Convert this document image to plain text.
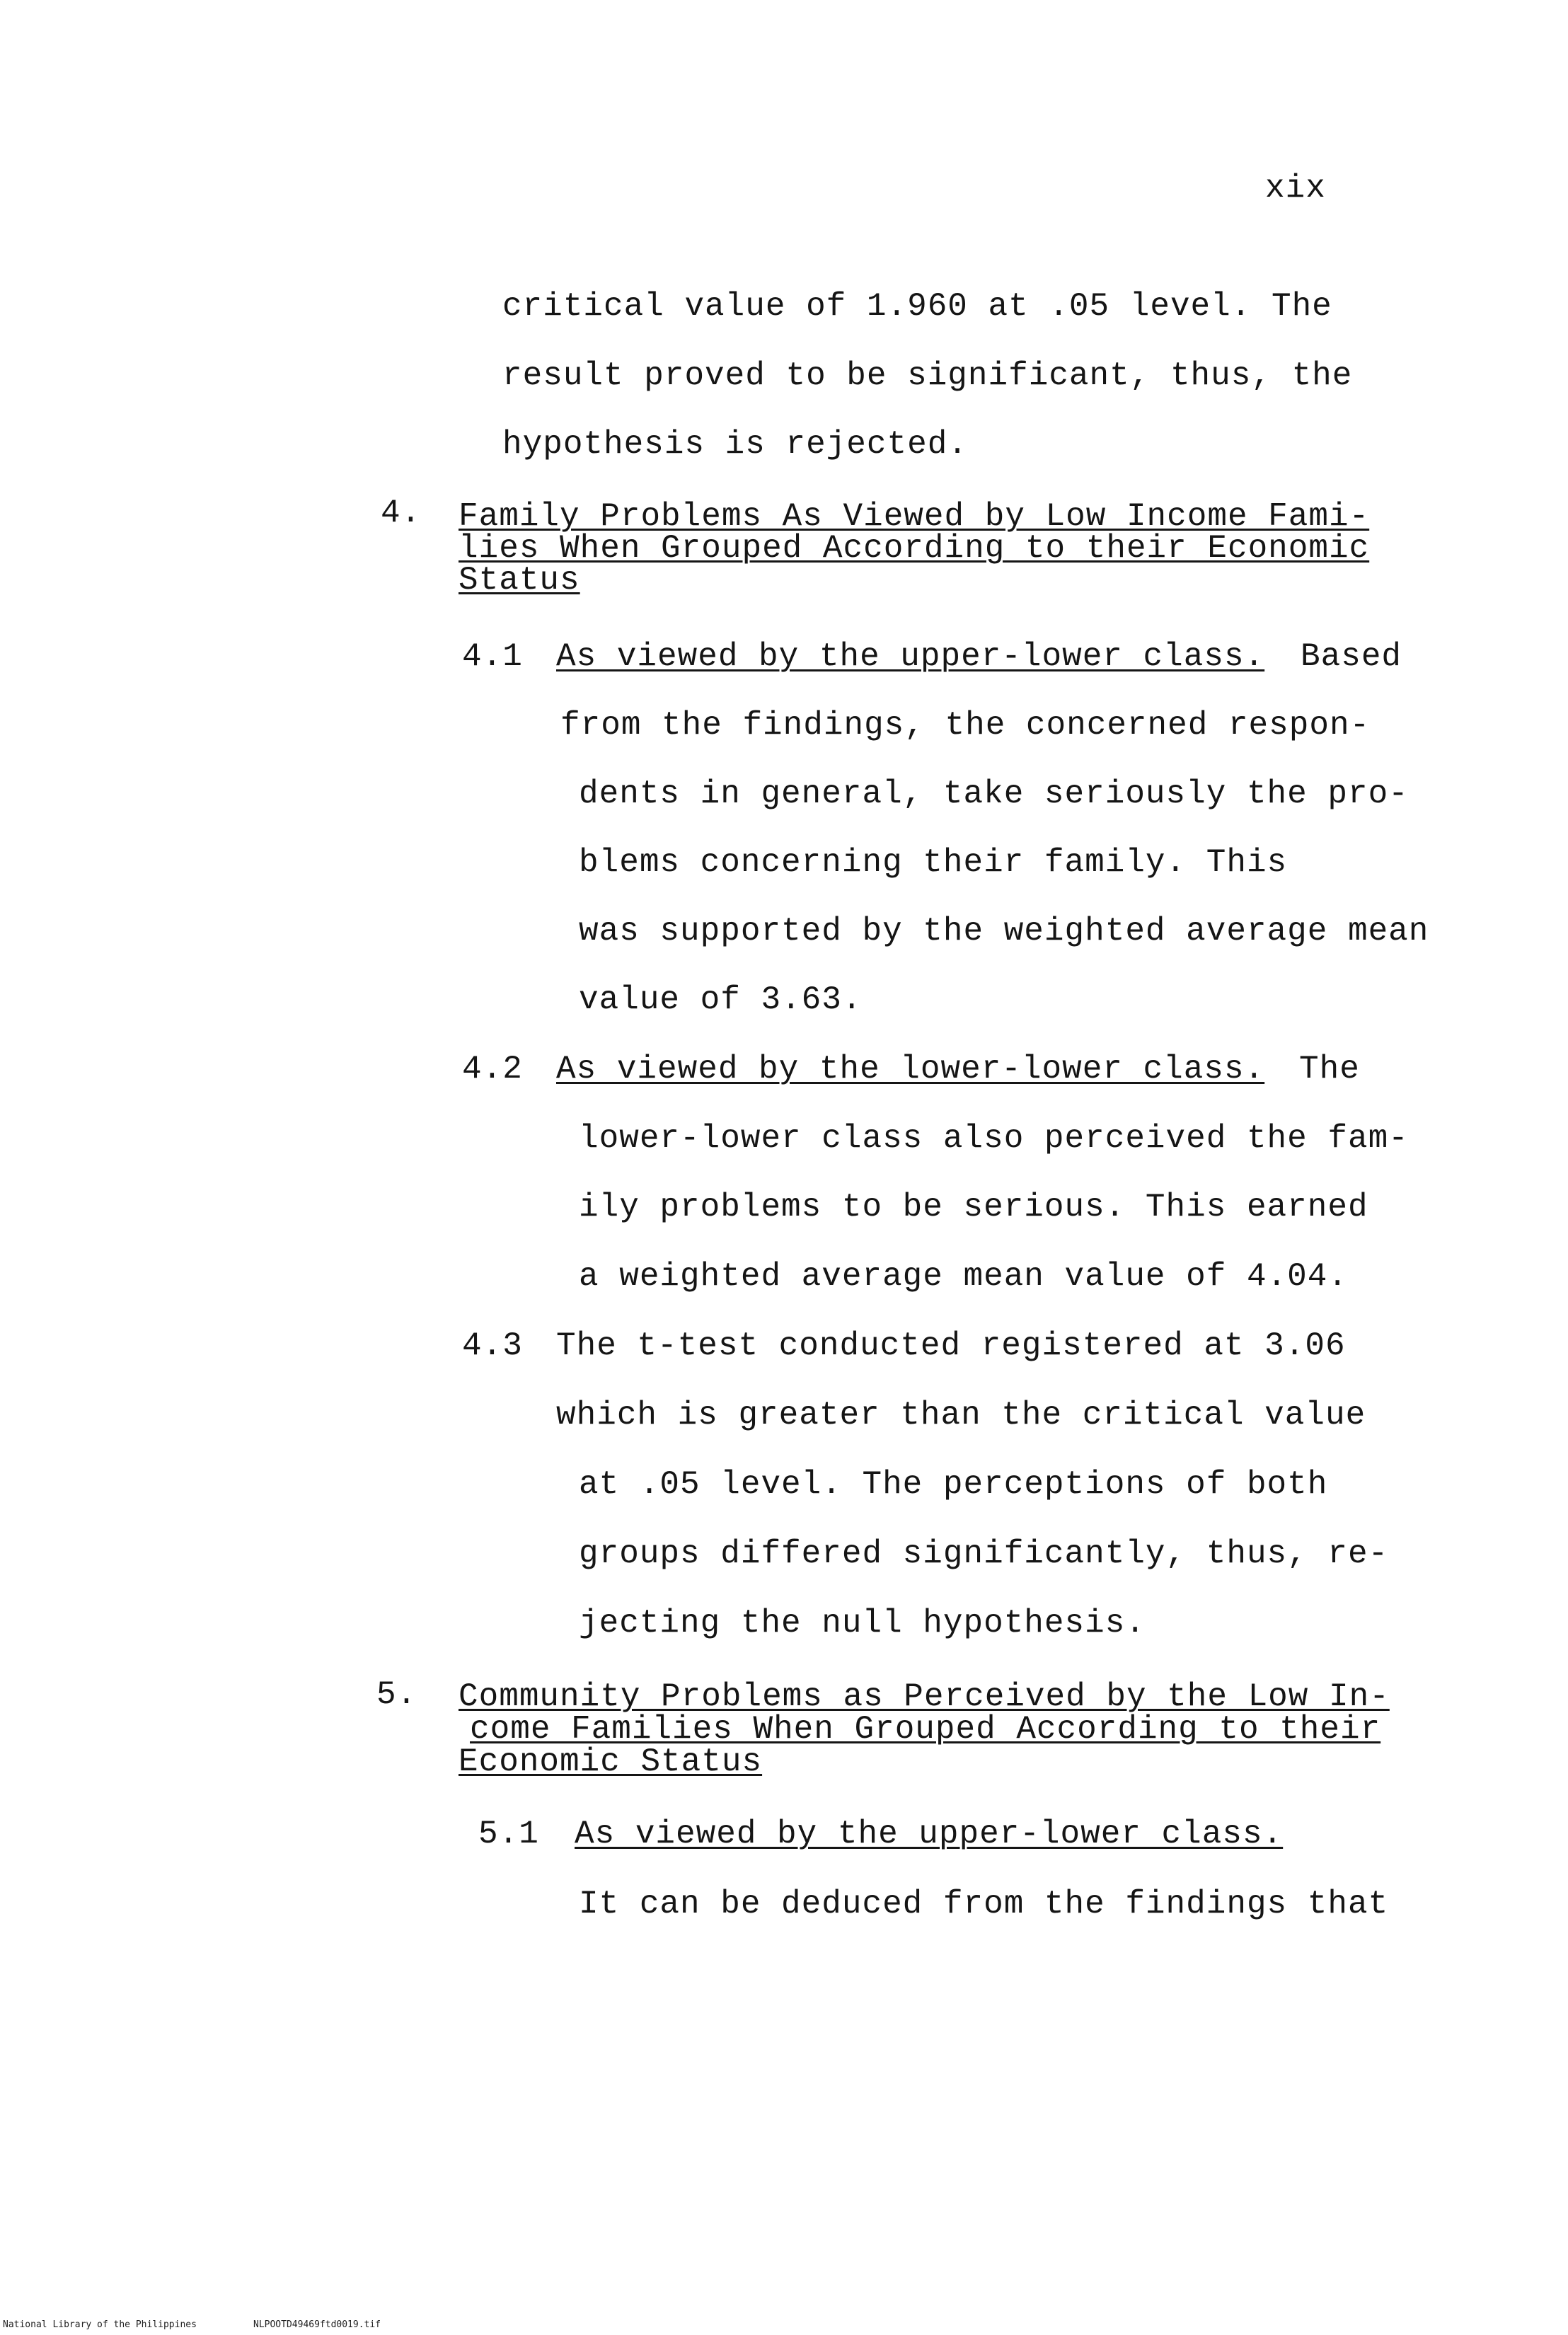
xix
critical value of 1.960 at .05 level. The
result proved to be significant, thus, the
hypothesis is rejected.
4. Family Problems As Viewed by Low Income Fami-
lies When Grouped According to their Economic
Status
4.1 As viewed by the upper-lower class. Based
from the findings, the concerned respon-
dents in general, take seriously the pro-
blems concerning their family. This
was supported by the weighted average mean
value of 3.63.
4.2 As viewed by the lower-lower class. The
lower-lower class also perceived the fam-
ily problems to be serious. This earned
a weighted average mean value of 4.04.
4.3 The t-test conducted registered at 3.06
which is greater than the critical value
at .05 level. The perceptions of both
groups differed significantly, thus, re-
jecting the null hypothesis.
5. Community Problems as Perceived by the Low In-
come Families When Grouped According to their
Economic Status
5.1 As viewed by the upper-lower class.
It can be deduced from the findings that
National Library of the Philippines	NLPOOTD49469ftd0019.tif
